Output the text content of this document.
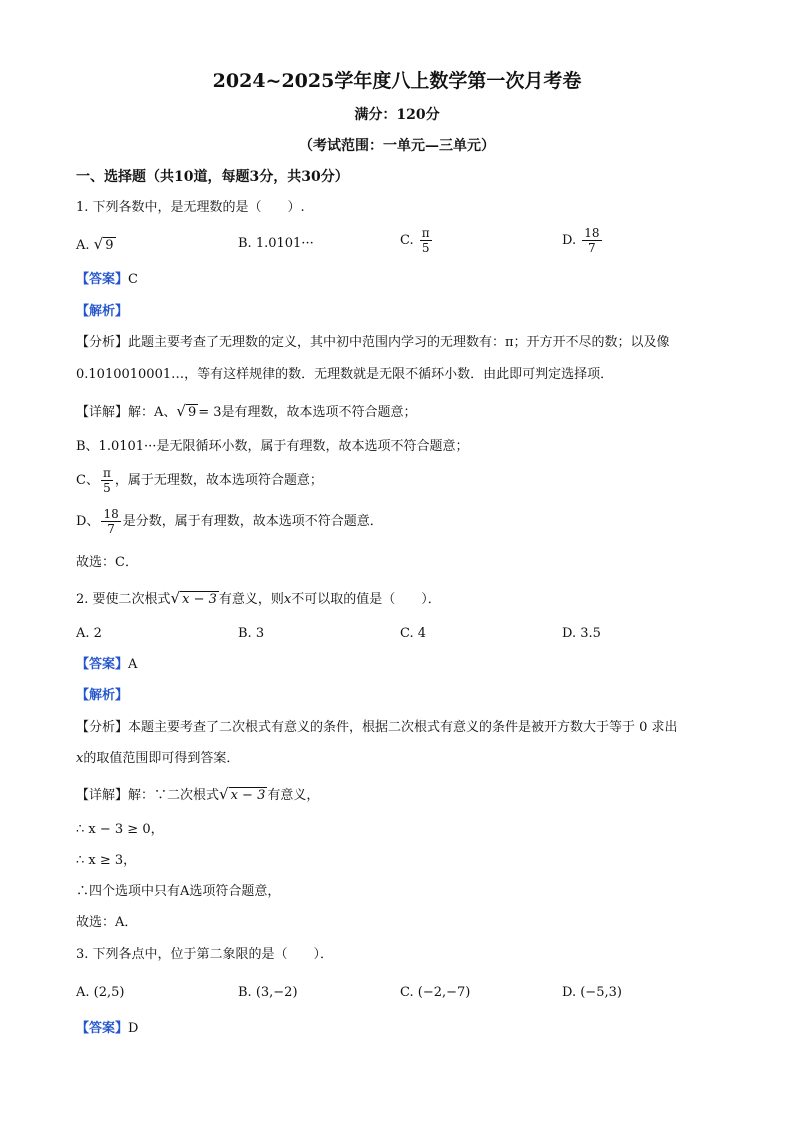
2024~2025学年度八上数学第一次月考卷
满分：120分
（考试范围：一单元—三单元）
一、选择题（共10道，每题3分，共30分）
1. 下列各数中，是无理数的是（　　）.
A. √ 9	B. 1.0101···	C. $\frac{\pi}{5}$	D. $\frac{18}{7}$
【答案】C
【解析】
【分析】此题主要考查了无理数的定义，其中初中范围内学习的无理数有：π；开方开不尽的数；以及像
0.1010010001…，等有这样规律的数．无理数就是无限不循环小数．由此即可判定选择项．
【详解】解：A、√ 9 = 3是有理数，故本选项不符合题意；
B、1.0101···是无限循环小数，属于有理数，故本选项不符合题意；
C、 $\frac{\pi}{5}$ ，属于无理数，故本选项符合题意；
D、 $\frac{18}{7}$ 是分数，属于有理数，故本选项不符合题意．
故选：C．
2. 要使二次根式√ x − 3 有意义，则x不可以取的值是（　　）．
A. 2	B. 3	C. 4	D. 3.5
【答案】A
【解析】
【分析】本题主要考查了二次根式有意义的条件，根据二次根式有意义的条件是被开方数大于等于 0 求出
x的取值范围即可得到答案．
【详解】解：∵二次根式√ x − 3 有意义，
∴ x − 3 ≥ 0，
∴ x ≥ 3，
∴四个选项中只有A选项符合题意，
故选：A．
3. 下列各点中，位于第二象限的是（　　）．
A. (2,5)	B. (3,−2)	C. (−2,−7)	D. (−5,3)
【答案】D
